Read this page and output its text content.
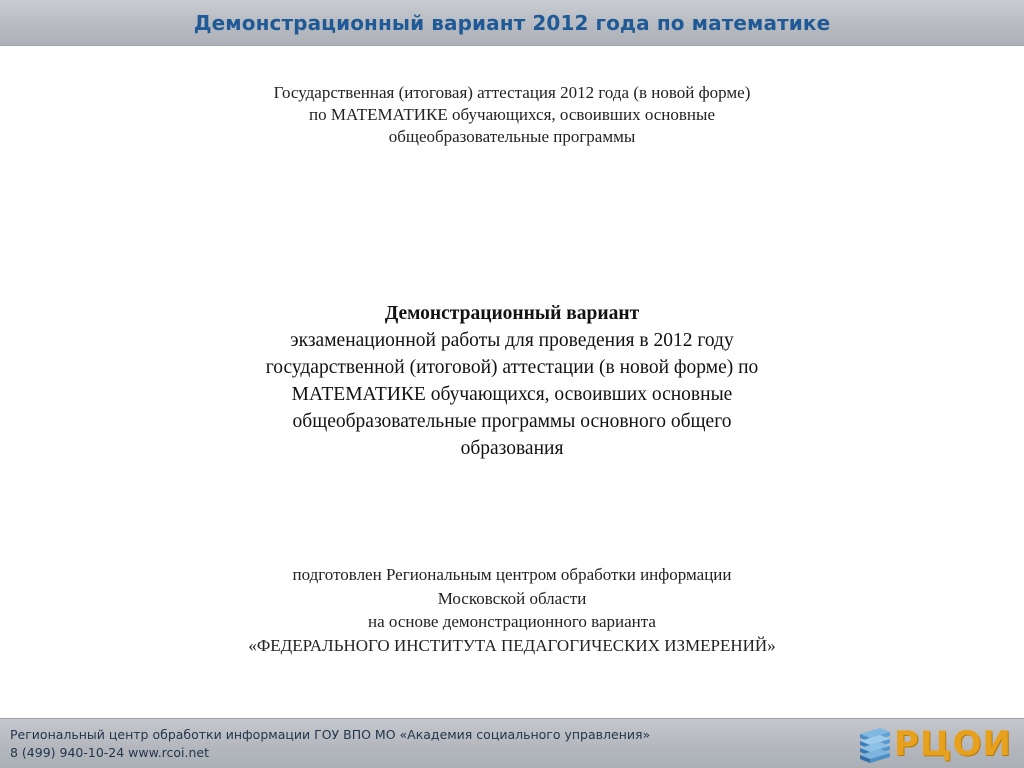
Демонстрационный вариант 2012 года по математике
Государственная (итоговая) аттестация 2012 года (в новой форме)
по МАТЕМАТИКЕ обучающихся, освоивших основные
общеобразовательные программы
Демонстрационный вариант
экзаменационной работы для проведения в 2012 году
государственной (итоговой) аттестации (в новой форме) по
МАТЕМАТИКЕ обучающихся, освоивших основные
общеобразовательные программы основного общего
образования
подготовлен Региональным центром обработки информации
Московской области
на основе демонстрационного варианта
«ФЕДЕРАЛЬНОГО ИНСТИТУТА ПЕДАГОГИЧЕСКИХ ИЗМЕРЕНИЙ»
Региональный центр обработки информации ГОУ ВПО МО «Академия социального управления»
8 (499) 940-10-24 www.rcoi.net	РЦОИ
